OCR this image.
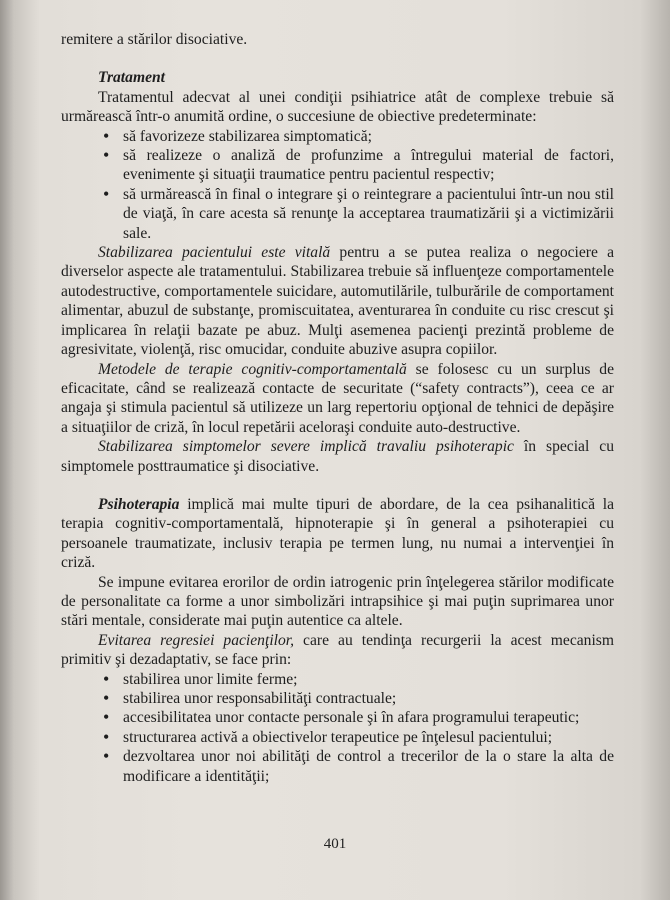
remitere a stărilor disociative.

Tratament

Tratamentul adecvat al unei condiţii psihiatrice atât de complexe trebuie să urmărească într-o anumită ordine, o succesiune de obiective predeterminate:

• să favorizeze stabilizarea simptomatică;
• să realizeze o analiză de profunzime a întregului material de factori, evenimente şi situaţii traumatice pentru pacientul respectiv;
• să urmărească în final o integrare şi o reintegrare a pacientului într-un nou stil de viaţă, în care acesta să renunţe la acceptarea traumatizării şi a victimizării sale.

Stabilizarea pacientului este vitală pentru a se putea realiza o negociere a diverselor aspecte ale tratamentului. Stabilizarea trebuie să influenţeze comportamentele autodestructive, comportamentele suicidare, automutilările, tulburările de comportament alimentar, abuzul de substanţe, promiscuitatea, aventurarea în conduite cu risc crescut şi implicarea în relaţii bazate pe abuz. Mulţi asemenea pacienţi prezintă probleme de agresivitate, violenţă, risc omucidar, conduite abuzive asupra copiilor.

Metodele de terapie cognitiv-comportamentală se folosesc cu un surplus de eficacitate, când se realizează contacte de securitate (“safety contracts”), ceea ce ar angaja şi stimula pacientul să utilizeze un larg repertoriu opţional de tehnici de depăşire a situaţiilor de criză, în locul repetării aceloraşi conduite auto-destructive.

Stabilizarea simptomelor severe implică travaliu psihoterapic în special cu simptomele posttraumatice şi disociative.

Psihoterapia implică mai multe tipuri de abordare, de la cea psihanalitică la terapia cognitiv-comportamentală, hipnoterapie şi în general a psihoterapiei cu persoanele traumatizate, inclusiv terapia pe termen lung, nu numai a intervenţiei în criză.

Se impune evitarea erorilor de ordin iatrogenic prin înţelegerea stărilor modificate de personalitate ca forme a unor simbolizări intrapsihice şi mai puţin suprimarea unor stări mentale, considerate mai puţin autentice ca altele.

Evitarea regresiei pacienţilor, care au tendinţa recurgerii la acest mecanism primitiv şi dezadaptativ, se face prin:

• stabilirea unor limite ferme;
• stabilirea unor responsabilităţi contractuale;
• accesibilitatea unor contacte personale şi în afara programului terapeutic;
• structurarea activă a obiectivelor terapeutice pe înţelesul pacientului;
• dezvoltarea unor noi abilităţi de control a trecerilor de la o stare la alta de modificare a identităţii;
401
